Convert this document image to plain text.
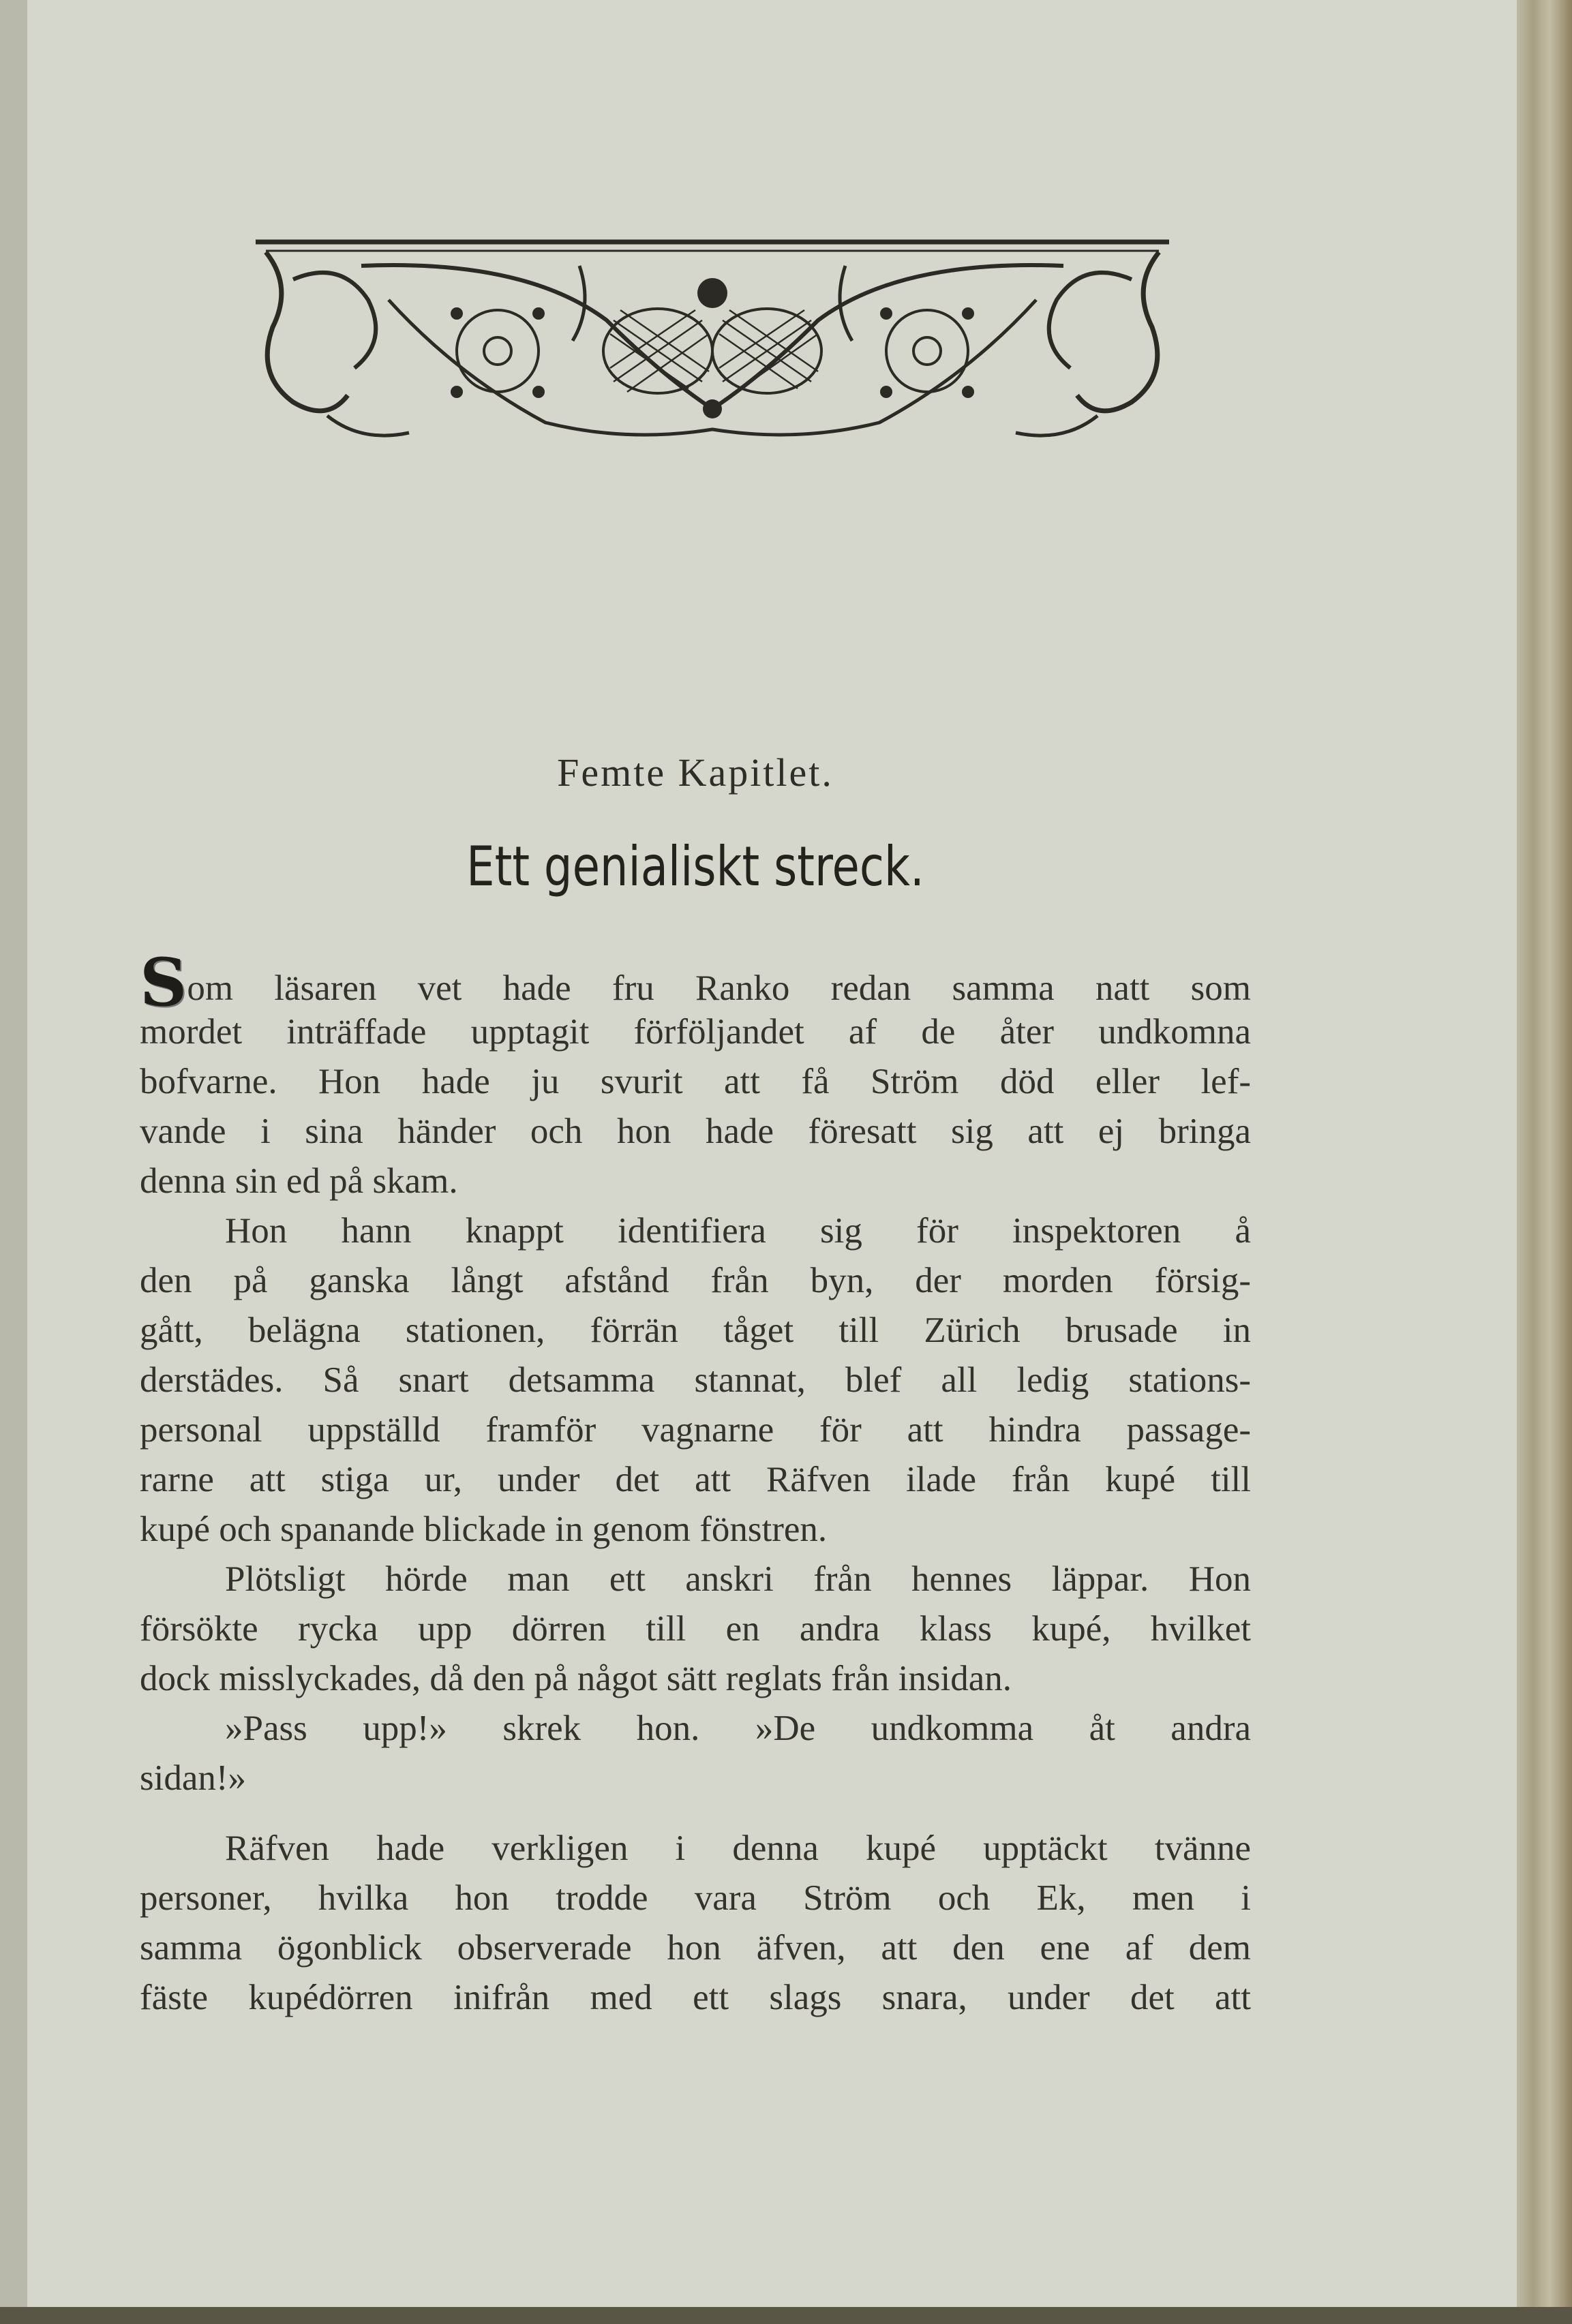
Femte Kapitlet.
Ett genialiskt streck.
Som läsaren vet hade fru Ranko redan samma natt som
mordet inträffade upptagit förföljandet af de åter undkomna
bofvarne. Hon hade ju svurit att få Ström död eller lef-
vande i sina händer och hon hade föresatt sig att ej bringa
denna sin ed på skam.
Hon hann knappt identifiera sig för inspektoren å
den på ganska långt afstånd från byn, der morden försig-
gått, belägna stationen, förrän tåget till Zürich brusade in
derstädes. Så snart detsamma stannat, blef all ledig stations-
personal uppställd framför vagnarne för att hindra passage-
rarne att stiga ur, under det att Räfven ilade från kupé till
kupé och spanande blickade in genom fönstren.
Plötsligt hörde man ett anskri från hennes läppar. Hon
försökte rycka upp dörren till en andra klass kupé, hvilket
dock misslyckades, då den på något sätt reglats från insidan.
»Pass upp!» skrek hon. »De undkomma åt andra
sidan!»
Räfven hade verkligen i denna kupé upptäckt tvänne
personer, hvilka hon trodde vara Ström och Ek, men i
samma ögonblick observerade hon äfven, att den ene af dem
fäste kupédörren inifrån med ett slags snara, under det att
